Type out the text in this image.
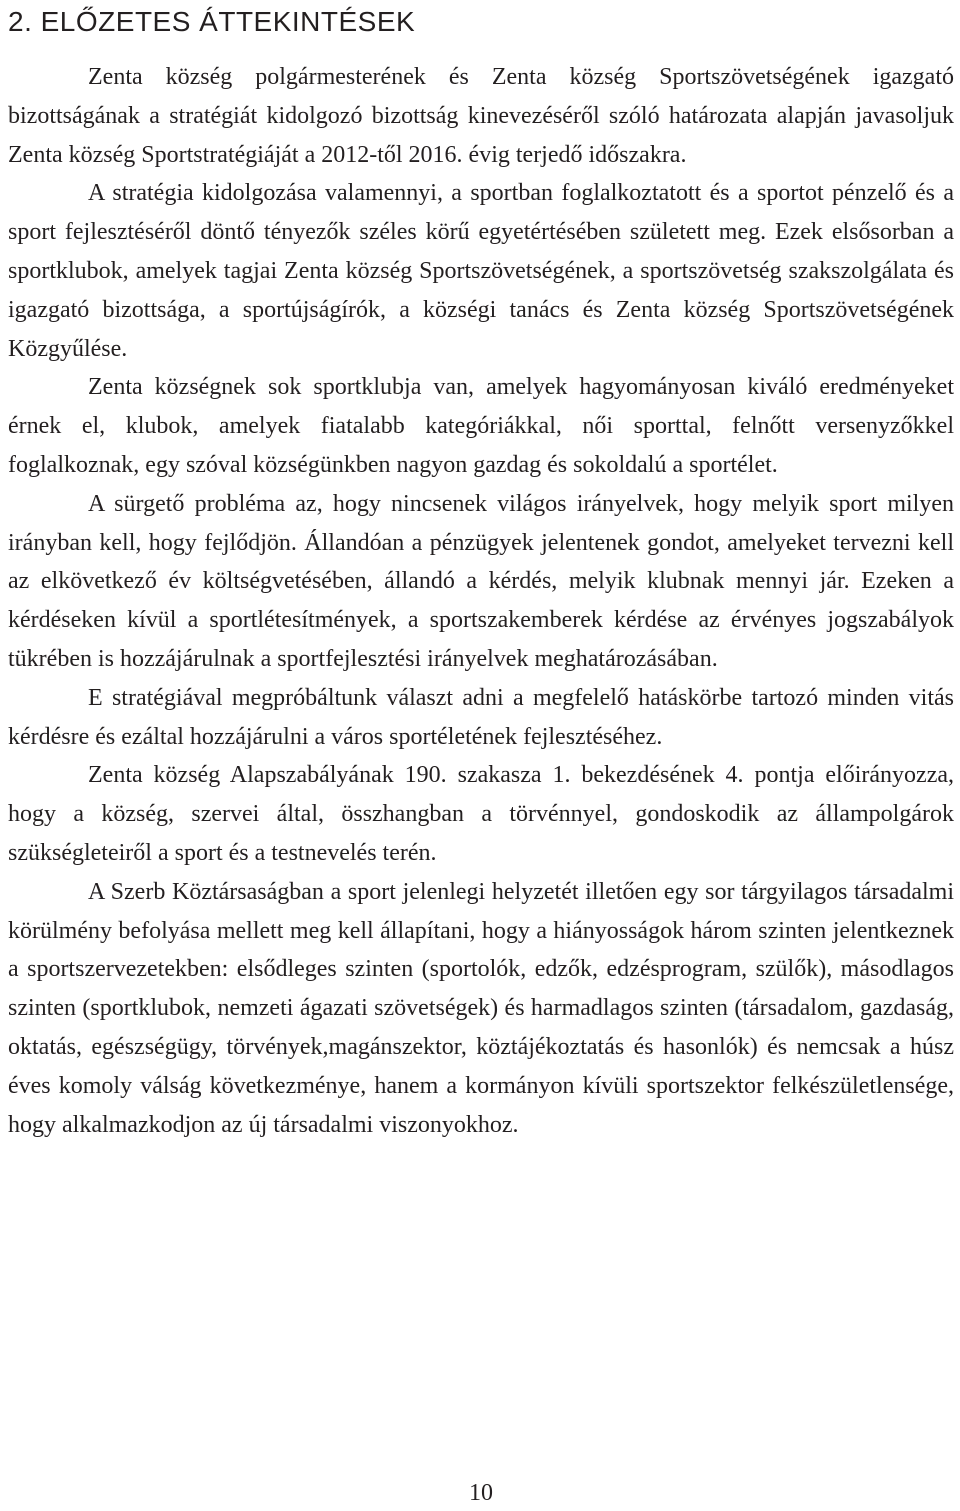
2. ELŐZETES ÁTTEKINTÉSEK

Zenta község polgármesterének és Zenta község Sportszövetségének igazgató bizottságának a stratégiát kidolgozó bizottság kinevezéséről szóló határozata alapján javasoljuk Zenta község Sportstratégiáját a 2012-től 2016. évig terjedő időszakra.

A stratégia kidolgozása valamennyi, a sportban foglalkoztatott és a sportot pénzelő és a sport fejlesztéséről döntő tényezők széles körű egyetértésében született meg. Ezek elsősorban a sportklubok, amelyek tagjai Zenta község Sportszövetségének, a sportszövetség szakszolgálata és igazgató bizottsága, a sportújságírók, a községi tanács és Zenta község Sportszövetségének Közgyűlése.

Zenta községnek sok sportklubja van, amelyek hagyományosan kiváló eredményeket érnek el, klubok, amelyek fiatalabb kategóriákkal, női sporttal, felnőtt versenyzőkkel foglalkoznak, egy szóval községünkben nagyon gazdag és sokoldalú a sportélet.

A sürgető probléma az, hogy nincsenek világos irányelvek, hogy melyik sport milyen irányban kell, hogy fejlődjön. Állandóan a pénzügyek jelentenek gondot, amelyeket tervezni kell az elkövetkező év költségvetésében, állandó a kérdés, melyik klubnak mennyi jár. Ezeken a kérdéseken kívül a sportlétesítmények, a sportszakemberek kérdése az érvényes jogszabályok tükrében is hozzájárulnak a sportfejlesztési irányelvek meghatározásában.

E stratégiával megpróbáltunk választ adni a megfelelő hatáskörbe tartozó minden vitás kérdésre és ezáltal hozzájárulni a város sportéletének fejlesztéséhez.

Zenta község Alapszabályának 190. szakasza 1. bekezdésének 4. pontja előirányozza, hogy a község, szervei által, összhangban a törvénnyel, gondoskodik az állampolgárok szükségleteiről a sport és a testnevelés terén.

A Szerb Köztársaságban a sport jelenlegi helyzetét illetően egy sor tárgyilagos társadalmi körülmény befolyása mellett meg kell állapítani, hogy a hiányosságok három szinten jelentkeznek a sportszervezetekben: elsődleges szinten (sportolók, edzők, edzésprogram, szülők), másodlagos szinten (sportklubok, nemzeti ágazati szövetségek) és harmadlagos szinten (társadalom, gazdaság, oktatás, egészségügy, törvények,magánszektor, köztájékoztatás és hasonlók) és nemcsak a húsz éves komoly válság következménye, hanem a kormányon kívüli sportszektor felkészületlensége, hogy alkalmazkodjon az új társadalmi viszonyokhoz.

10
